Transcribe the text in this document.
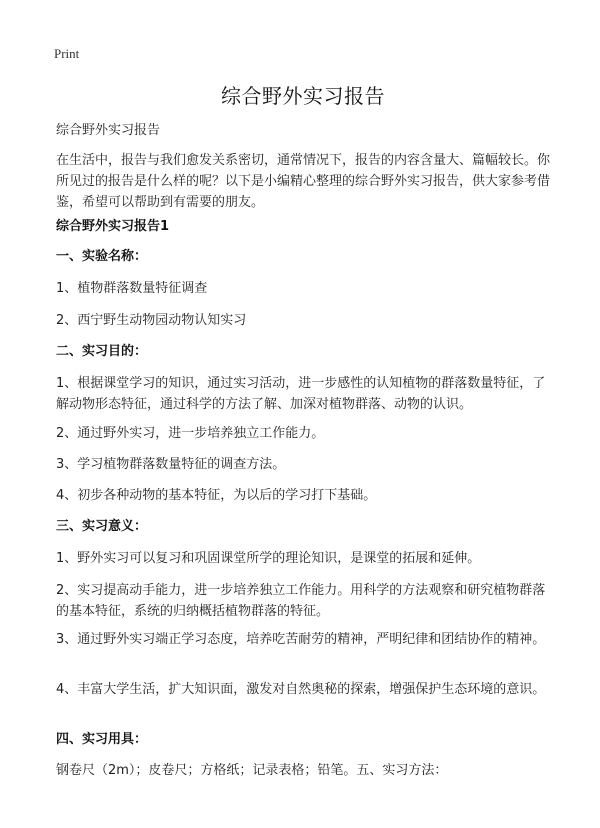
Print
综合野外实习报告

综合野外实习报告

在生活中，报告与我们愈发关系密切，通常情况下，报告的内容含量大、篇幅较长。你所见过的报告是什么样的呢？以下是小编精心整理的综合野外实习报告，供大家参考借鉴，希望可以帮助到有需要的朋友。

综合野外实习报告1

一、实验名称：

1、植物群落数量特征调查

2、西宁野生动物园动物认知实习

二、实习目的：

1、根据课堂学习的知识，通过实习活动，进一步感性的认知植物的群落数量特征，了解动物形态特征，通过科学的方法了解、加深对植物群落、动物的认识。

2、通过野外实习，进一步培养独立工作能力。

3、学习植物群落数量特征的调查方法。

4、初步各种动物的基本特征，为以后的学习打下基础。

三、实习意义：

1、野外实习可以复习和巩固课堂所学的理论知识，是课堂的拓展和延伸。

2、实习提高动手能力，进一步培养独立工作能力。用科学的方法观察和研究植物群落的基本特征，系统的归纳概括植物群落的特征。

3、通过野外实习端正学习态度，培养吃苦耐劳的精神，严明纪律和团结协作的精神。

4、丰富大学生活，扩大知识面，激发对自然奥秘的探索，增强保护生态环境的意识。

四、实习用具：

钢卷尺（2m）；皮卷尺；方格纸；记录表格；铅笔。五、实习方法：
